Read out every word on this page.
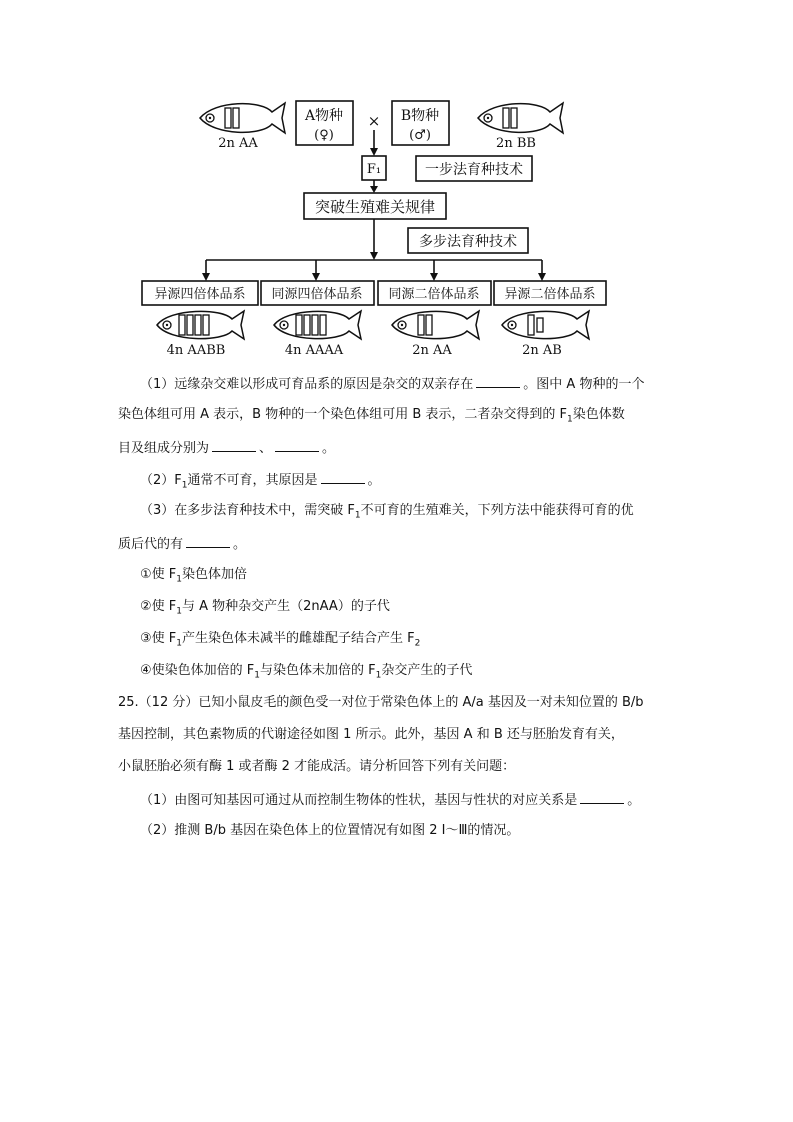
2n AA
A物种
(♀)
× B物种
(♂)
2n BB
F₁	一步法育种技术
突破生殖难关规律
多步法育种技术
异源四倍体品系 同源四倍体品系 同源二倍体品系 异源二倍体品系
4n AABB	4n AAAA	2n AA	2n AB
（1）远缘杂交难以形成可育品系的原因是杂交的双亲存在	。图中 A 物种的一个
染色体组可用 A 表示，B 物种的一个染色体组可用 B 表示，二者杂交得到的 $F_1$染色体数
目及组成分别为	、	。
$(2)F_1$通常不可育，其原因是	。
（3）在多步法育种技术中，需突破 $F_1$不可育的生殖难关，下列方法中能获得可育的优
质后代的有	。
①使 $F_1$染色体加倍
②使 $F_1$与 A 物种杂交产生（2nAA）的子代
③使 $F_1$产生染色体未减半的雌雄配子结合产生 $F_2$
④使染色体加倍的 $F_1$与染色体未加倍的 $F_1$杂交产生的子代
25.（12 分）已知小鼠皮毛的颜色受一对位于常染色体上的 A/a 基因及一对未知位置的 B/b
基因控制，其色素物质的代谢途径如图 1 所示。此外，基因 A 和 B 还与胚胎发育有关，
小鼠胚胎必须有酶 1 或者酶 2 才能成活。请分析回答下列有关问题：
（1）由图可知基因可通过从而控制生物体的性状，基因与性状的对应关系是	。
（2）推测 B/b 基因在染色体上的位置情况有如图 2 Ⅰ～Ⅲ的情况。
